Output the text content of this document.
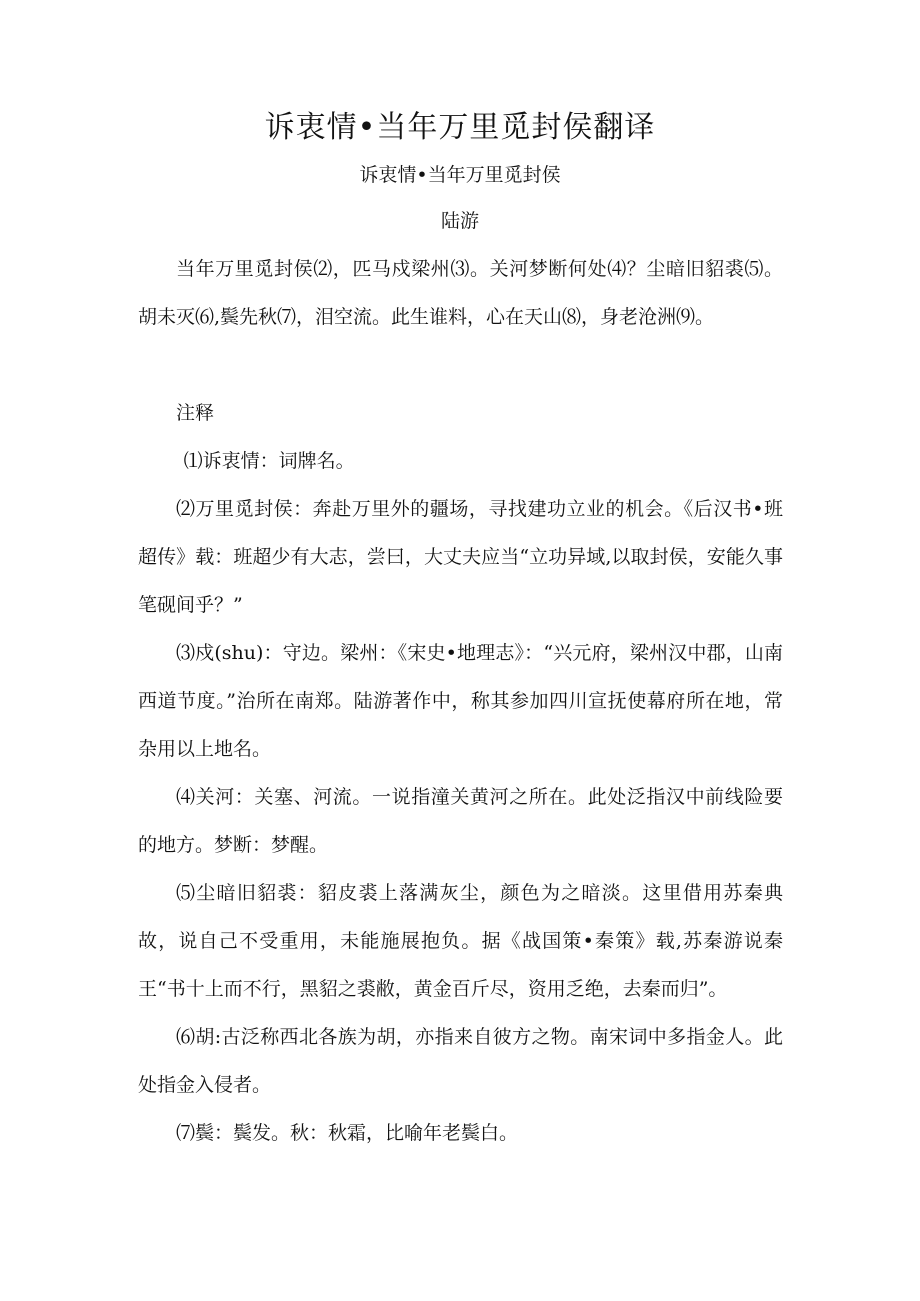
诉衷情•当年万里觅封侯翻译
诉衷情•当年万里觅封侯
陆游

当年万里觅封侯⑵，匹马戍梁州⑶。关河梦断何处⑷？尘暗旧貂裘⑸。胡未灭⑹,鬓先秋⑺，泪空流。此生谁料，心在天山⑻，身老沧洲⑼。

注释

⑴诉衷情：词牌名。

⑵万里觅封侯：奔赴万里外的疆场，寻找建功立业的机会。《后汉书•班超传》载：班超少有大志，尝曰，大丈夫应当“立功异域,以取封侯，安能久事笔砚间乎？”

⑶戍(shu)：守边。梁州：《宋史•地理志》：“兴元府，梁州汉中郡，山南西道节度。”治所在南郑。陆游著作中，称其参加四川宣抚使幕府所在地，常杂用以上地名。

⑷关河：关塞、河流。一说指潼关黄河之所在。此处泛指汉中前线险要的地方。梦断：梦醒。

⑸尘暗旧貂裘：貂皮裘上落满灰尘，颜色为之暗淡。这里借用苏秦典故，说自己不受重用，未能施展抱负。据《战国策•秦策》载,苏秦游说秦王“书十上而不行，黑貂之裘敝，黄金百斤尽，资用乏绝，去秦而归”。

⑹胡:古泛称西北各族为胡，亦指来自彼方之物。南宋词中多指金人。此处指金入侵者。

⑺鬓：鬓发。秋：秋霜，比喻年老鬓白。
